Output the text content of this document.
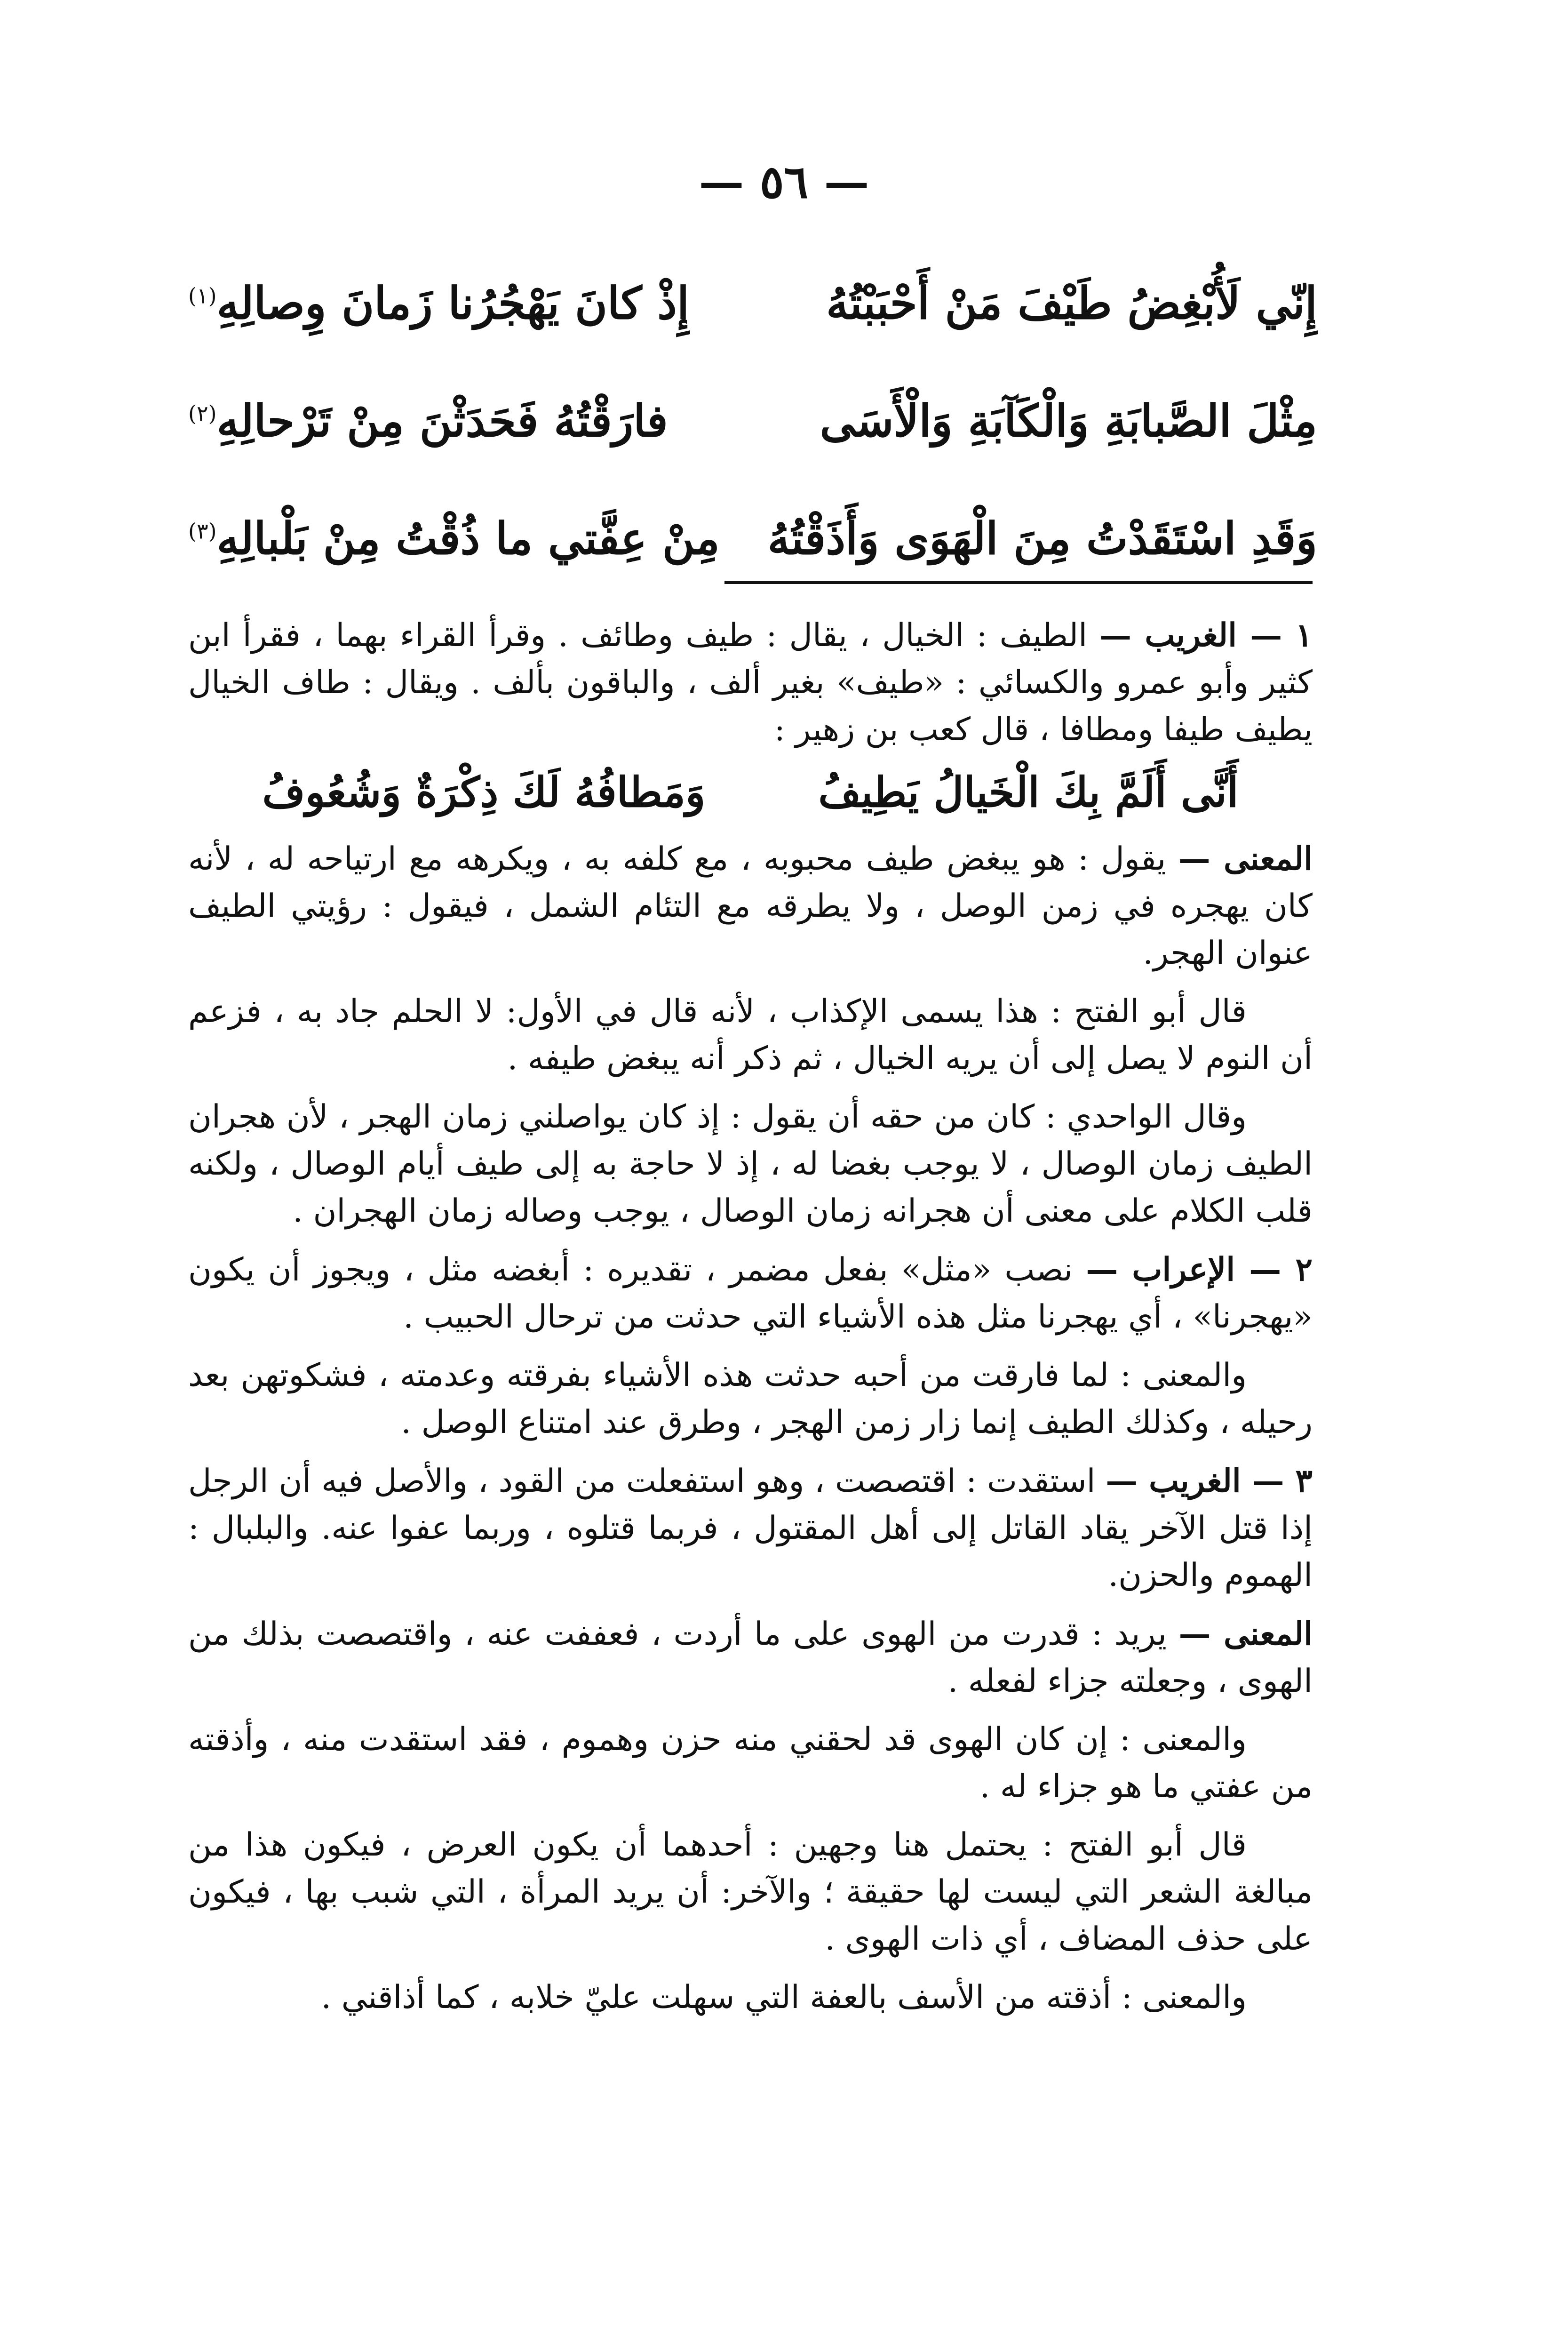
— ٥٦ —
إِنّي لَأُبْغِضُ طَيْفَ مَنْ أَحْبَبْتُهُ
إِذْ كانَ يَهْجُرُنا زَمانَ وِصالِهِ$^{(١)}$
مِثْلَ الصَّبابَةِ وَالْكَآبَةِ وَالْأَسَى
فارَقْتُهُ فَحَدَثْنَ مِنْ تَرْحالِهِ$^{(٢)}$
وَقَدِ اسْتَقَدْتُ مِنَ الْهَوَى وَأَذَقْتُهُ
مِنْ عِفَّتي ما ذُقْتُ مِنْ بَلْبالِهِ$^{(٣)}$

١ — الغريب — الطيف : الخيال ، يقال : طيف وطائف . وقرأ القراء بهما ، فقرأ ابن كثير وأبو عمرو والكسائي : «طيف» بغير ألف ، والباقون بألف . ويقال : طاف الخيال يطيف طيفا ومطافا ، قال كعب بن زهير :

أَنَّى أَلَمَّ بِكَ الْخَيالُ يَطِيفُ
وَمَطافُهُ لَكَ ذِكْرَةٌ وَشُعُوفُ

المعنى — يقول : هو يبغض طيف محبوبه ، مع كلفه به ، ويكرهه مع ارتياحه له ، لأنه كان يهجره في زمن الوصل ، ولا يطرقه مع التئام الشمل ، فيقول : رؤيتي الطيف عنوان الهجر.

قال أبو الفتح : هذا يسمى الإكذاب ، لأنه قال في الأول: لا الحلم جاد به ، فزعم أن النوم لا يصل إلى أن يريه الخيال ، ثم ذكر أنه يبغض طيفه .

وقال الواحدي : كان من حقه أن يقول : إذ كان يواصلني زمان الهجر ، لأن هجران الطيف زمان الوصال ، لا يوجب بغضا له ، إذ لا حاجة به إلى طيف أيام الوصال ، ولكنه قلب الكلام على معنى أن هجرانه زمان الوصال ، يوجب وصاله زمان الهجران .

٢ — الإعراب — نصب «مثل» بفعل مضمر ، تقديره : أبغضه مثل ، ويجوز أن يكون «يهجرنا» ، أي يهجرنا مثل هذه الأشياء التي حدثت من ترحال الحبيب .

والمعنى : لما فارقت من أحبه حدثت هذه الأشياء بفرقته وعدمته ، فشكوتهن بعد رحيله ، وكذلك الطيف إنما زار زمن الهجر ، وطرق عند امتناع الوصل .

٣ — الغريب — استقدت : اقتصصت ، وهو استفعلت من القود ، والأصل فيه أن الرجل إذا قتل الآخر يقاد القاتل إلى أهل المقتول ، فربما قتلوه ، وربما عفوا عنه. والبلبال : الهموم والحزن.

المعنى — يريد : قدرت من الهوى على ما أردت ، فعففت عنه ، واقتصصت بذلك من الهوى ، وجعلته جزاء لفعله .

والمعنى : إن كان الهوى قد لحقني منه حزن وهموم ، فقد استقدت منه ، وأذقته من عفتي ما هو جزاء له .

قال أبو الفتح : يحتمل هنا وجهين : أحدهما أن يكون العرض ، فيكون هذا من مبالغة الشعر التي ليست لها حقيقة ؛ والآخر: أن يريد المرأة ، التي شبب بها ، فيكون على حذف المضاف ، أي ذات الهوى .

والمعنى : أذقته من الأسف بالعفة التي سهلت عليّ خلابه ، كما أذاقني .
